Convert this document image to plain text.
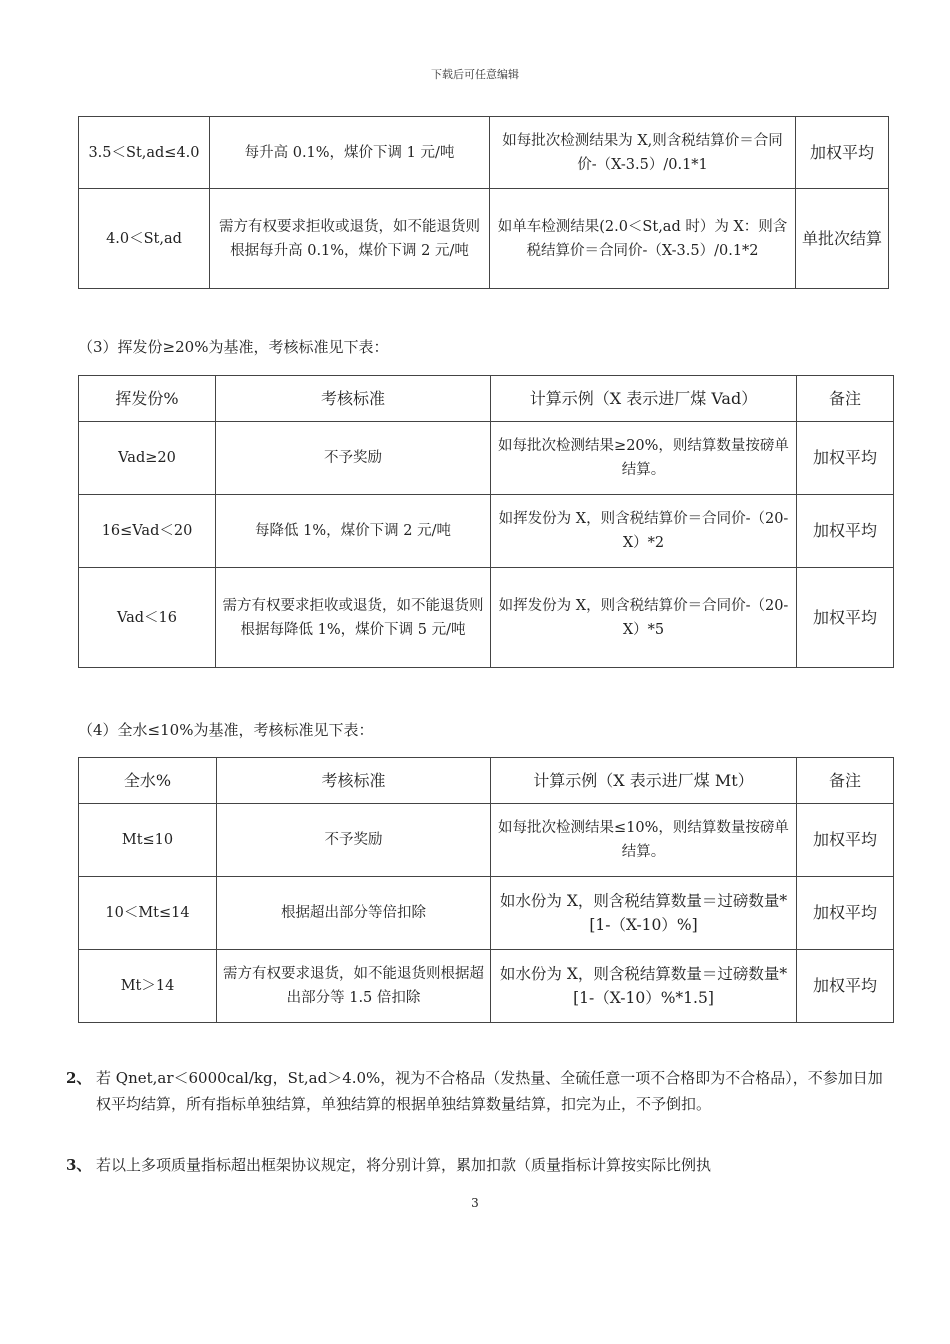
下载后可任意编辑
3.5＜St,ad≤4.0	每升高 0.1%，煤价下调 1 元/吨	如每批次检测结果为 X,则含税结算价＝合同价-（X-3.5）/0.1*1	加权平均
4.0＜St,ad	需方有权要求拒收或退货，如不能退货则根据每升高 0.1%，煤价下调 2 元/吨	如单车检测结果(2.0＜St,ad 时）为 X：则含税结算价＝合同价-（X-3.5）/0.1*2	单批次结算
（3）挥发份≥20%为基准，考核标准见下表：
挥发份%	考核标准	计算示例（X 表示进厂煤 Vad）	备注
Vad≥20	不予奖励	如每批次检测结果≥20%，则结算数量按磅单结算。	加权平均
16≤Vad＜20	每降低 1%，煤价下调 2 元/吨	如挥发份为 X，则含税结算价＝合同价-（20-X）*2	加权平均
Vad＜16	需方有权要求拒收或退货，如不能退货则根据每降低 1%，煤价下调 5 元/吨	如挥发份为 X，则含税结算价＝合同价-（20-X）*5	加权平均
（4）全水≤10%为基准，考核标准见下表：
全水%	考核标准	计算示例（X 表示进厂煤 Mt）	备注
Mt≤10	不予奖励	如每批次检测结果≤10%，则结算数量按磅单结算。	加权平均
10＜Mt≤14	根据超出部分等倍扣除	如水份为 X，则含税结算数量＝过磅数量*[1-（X-10）%]	加权平均
Mt＞14	需方有权要求退货，如不能退货则根据超出部分等 1.5 倍扣除	如水份为 X，则含税结算数量＝过磅数量*[1-（X-10）%*1.5]	加权平均
2、 若 Qnet,ar＜6000cal/kg，St,ad＞4.0%，视为不合格品（发热量、全硫任意一项不合格即为不合格品），不参加日加权平均结算，所有指标单独结算，单独结算的根据单独结算数量结算，扣完为止，不予倒扣。
3、 若以上多项质量指标超出框架协议规定，将分别计算，累加扣款（质量指标计算按实际比例执
3
